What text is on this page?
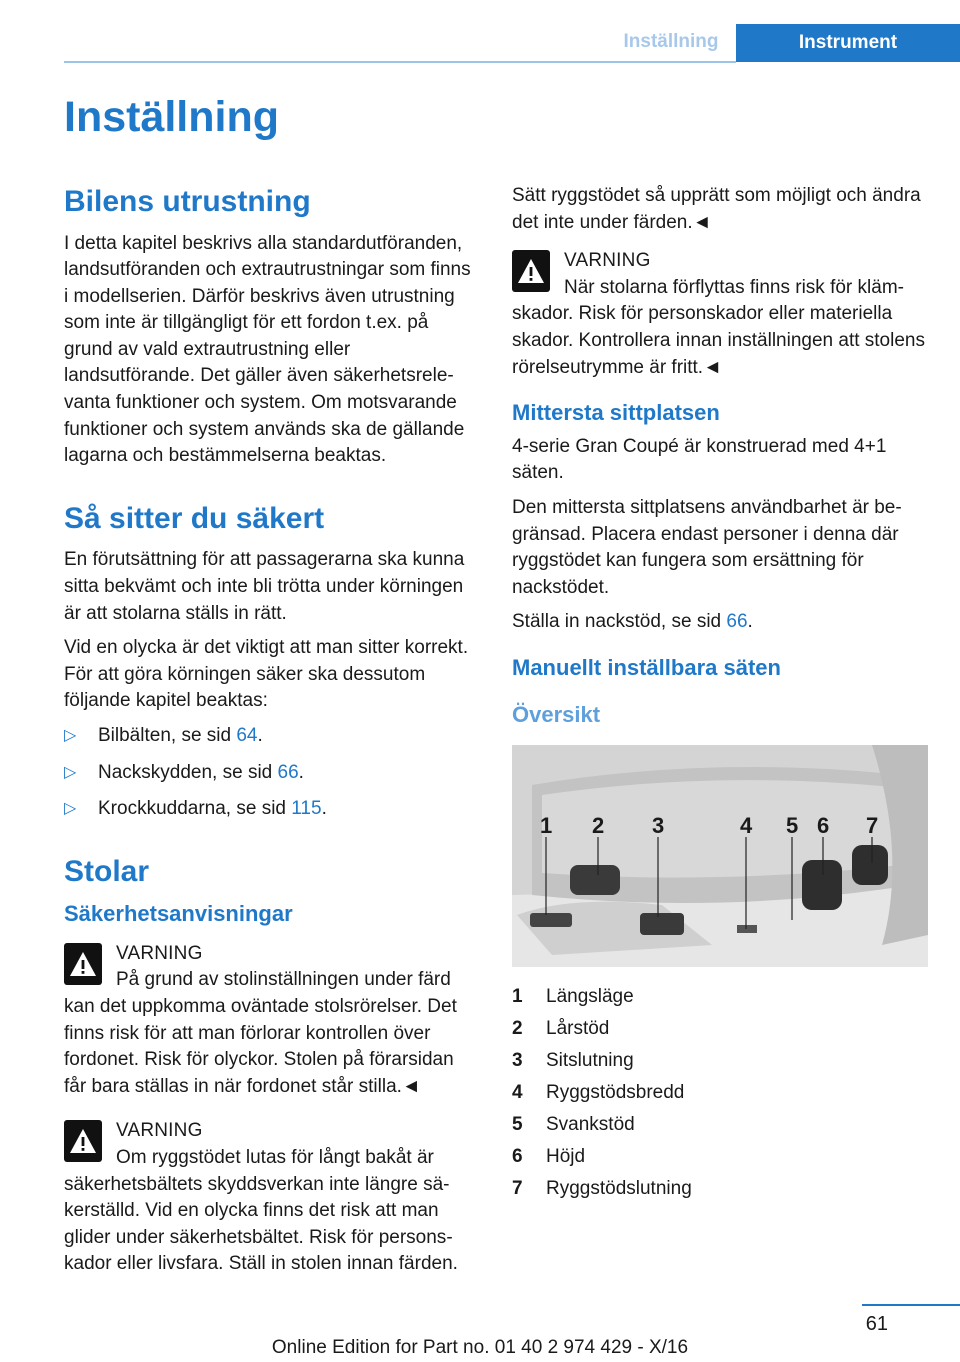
Inställning	Instrument
Inställning
Bilens utrustning

I detta kapitel beskrivs alla standardutföranden, landsutföranden och extrautrustningar som finns i modellserien. Därför beskrivs även utrustning som inte är tillgängligt för ett fordon t.ex. på grund av vald extrautrustning eller landsutförande. Det gäller även säkerhetsrelevanta funktioner och system. Om motsvarande funktioner och system används ska de gällande lagarna och bestämmelserna beaktas.

Så sitter du säkert

En förutsättning för att passagerarna ska kunna sitta bekvämt och inte bli trötta under körningen är att stolarna ställs in rätt.

Vid en olycka är det viktigt att man sitter korrekt. För att göra körningen säker ska dessutom följande kapitel beaktas:

▷ Bilbälten, se sid 64.
▷ Nackskydden, se sid 66.
▷ Krockkuddarna, se sid 115.
Stolar
Säkerhetsanvisningar
VARNING
På grund av stolinställningen under färd kan det uppkomma oväntade stolsrörelser. Det finns risk för att man förlorar kontrollen över fordonet. Risk för olyckor. Stolen på förarsidan får bara ställas in när fordonet står stilla.◄
VARNING
Om ryggstödet lutas för långt bakåt är säkerhetsbältets skyddsverkan inte längre säkerställd. Vid en olycka finns det risk att man glider under säkerhetsbältet. Risk för personskador eller livsfara. Ställ in stolen innan färden.

Sätt ryggstödet så upprätt som möjligt och ändra det inte under färden.◄

VARNING
När stolarna förflyttas finns risk för klämskador. Risk för personskador eller materiella skador. Kontrollera innan inställningen att stolens rörelseutrymme är fritt.◄
Mittersta sittplatsen

4-serie Gran Coupé är konstruerad med 4+1 säten.

Den mittersta sittplatsens användbarhet är begränsad. Placera endast personer i denna där ryggstödet kan fungera som ersättning för nackstödet.

Ställa in nackstöd, se sid 66.

Manuellt inställbara säten
Översikt
1 2 3	4 5 6 7
1	Längsläge
2	Lårstöd
3	Sitslutning
4	Ryggstödsbredd
5	Svankstöd
6	Höjd
7	Ryggstödslutning
61
Online Edition for Part no. 01 40 2 974 429 - X/16
